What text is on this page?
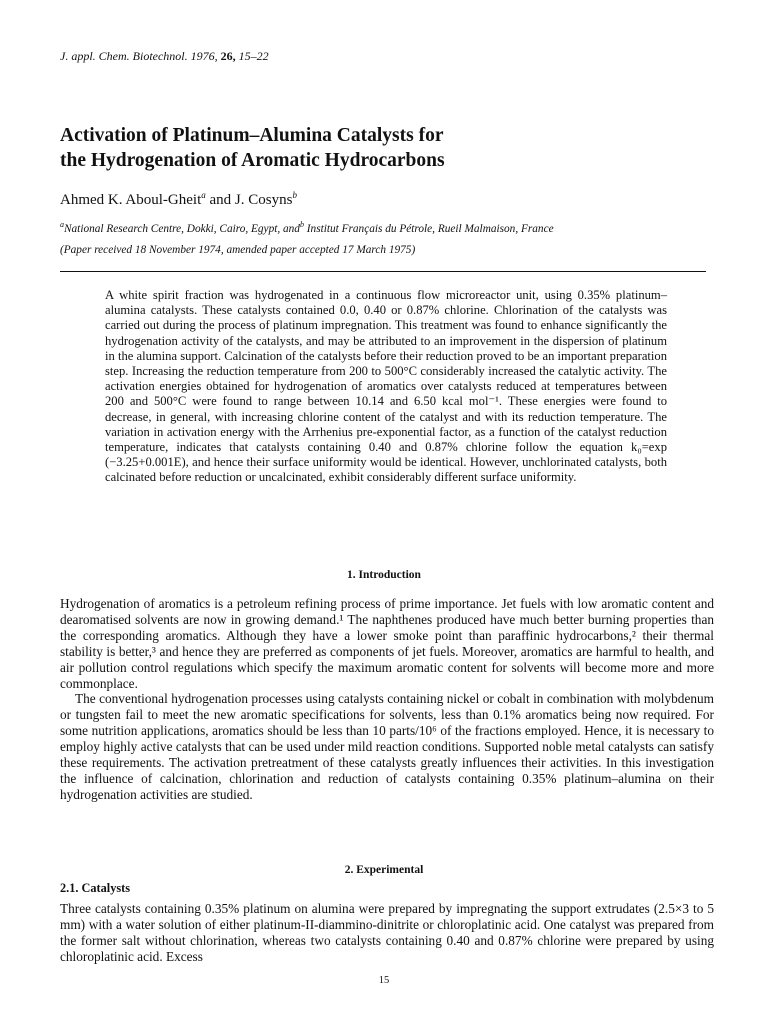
J. appl. Chem. Biotechnol. 1976, 26, 15–22
Activation of Platinum–Alumina Catalysts for
the Hydrogenation of Aromatic Hydrocarbons
Ahmed K. Aboul-Gheit$^a$ and J. Cosyns$^b$
$^a$National Research Centre, Dokki, Cairo, Egypt, and$^b$ Institut Français du Pétrole, Rueil Malmaison, France
(Paper received 18 November 1974, amended paper accepted 17 March 1975)

A white spirit fraction was hydrogenated in a continuous flow microreactor unit, using 0.35% platinum–alumina catalysts. These catalysts contained 0.0, 0.40 or 0.87% chlorine. Chlorination of the catalysts was carried out during the process of platinum impregnation. This treatment was found to enhance significantly the hydrogenation activity of the catalysts, and may be attributed to an improvement in the dispersion of platinum in the alumina support. Calcination of the catalysts before their reduction proved to be an important preparation step. Increasing the reduction temperature from 200 to 500°C considerably increased the catalytic activity. The activation energies obtained for hydrogenation of aromatics over catalysts reduced at temperatures between 200 and 500°C were found to range between 10.14 and 6.50 kcal mol⁻¹. These energies were found to decrease, in general, with increasing chlorine content of the catalyst and with its reduction temperature. The variation in activation energy with the Arrhenius pre-exponential factor, as a function of the catalyst reduction temperature, indicates that catalysts containing 0.40 and 0.87% chlorine follow the equation k₀=exp (−3.25+0.001E), and hence their surface uniformity would be identical. However, unchlorinated catalysts, both calcinated before reduction or uncalcinated, exhibit considerably different surface uniformity.

1. Introduction
Hydrogenation of aromatics is a petroleum refining process of prime importance. Jet fuels with low aromatic content and dearomatised solvents are now in growing demand.¹ The naphthenes produced have much better burning properties than the corresponding aromatics. Although they have a lower smoke point than paraffinic hydrocarbons,² their thermal stability is better,³ and hence they are preferred as components of jet fuels. Moreover, aromatics are harmful to health, and air pollution control regulations which specify the maximum aromatic content for solvents will become more and more commonplace.
The conventional hydrogenation processes using catalysts containing nickel or cobalt in combination with molybdenum or tungsten fail to meet the new aromatic specifications for solvents, less than 0.1% aromatics being now required. For some nutrition applications, aromatics should be less than 10 parts/10⁶ of the fractions employed. Hence, it is necessary to employ highly active catalysts that can be used under mild reaction conditions. Supported noble metal catalysts can satisfy these requirements. The activation pretreatment of these catalysts greatly influences their activities. In this investigation the influence of calcination, chlorination and reduction of catalysts containing 0.35% platinum–alumina on their hydrogenation activities are studied.
2. Experimental
2.1. Catalysts

Three catalysts containing 0.35% platinum on alumina were prepared by impregnating the support extrudates (2.5×3 to 5 mm) with a water solution of either platinum-II-diammino-dinitrite or chloroplatinic acid. One catalyst was prepared from the former salt without chlorination, whereas two catalysts containing 0.40 and 0.87% chlorine were prepared by using chloroplatinic acid. Excess

15
